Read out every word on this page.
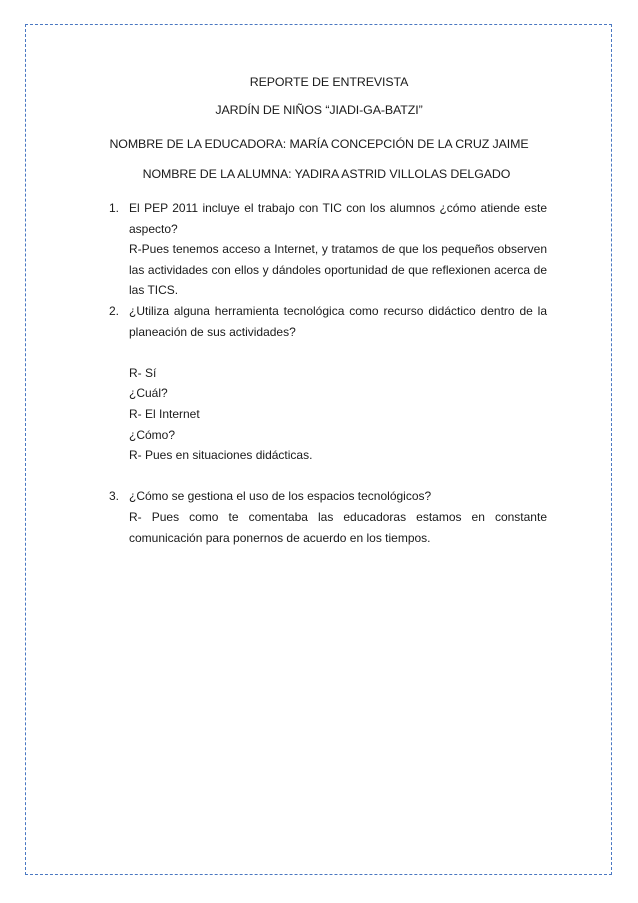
REPORTE DE ENTREVISTA
JARDÍN DE NIÑOS “JIADI-GA-BATZI”
NOMBRE DE LA EDUCADORA: MARÍA CONCEPCIÓN DE LA CRUZ JAIME
NOMBRE DE LA ALUMNA: YADIRA ASTRID VILLOLAS DELGADO
1. El PEP 2011 incluye el trabajo con TIC con los alumnos ¿cómo atiende este aspecto?

R-Pues tenemos acceso a Internet, y tratamos de que los pequeños observen las actividades con ellos y dándoles oportunidad de que reflexionen acerca de las TICS.

2. ¿Utiliza alguna herramienta tecnológica como recurso didáctico dentro de la planeación de sus actividades?

R- Sí

¿Cuál?

R- El Internet

¿Cómo?

R- Pues en situaciones didácticas.

3. ¿Cómo se gestiona el uso de los espacios tecnológicos?

R- Pues como te comentaba las educadoras estamos en constante comunicación para ponernos de acuerdo en los tiempos.
